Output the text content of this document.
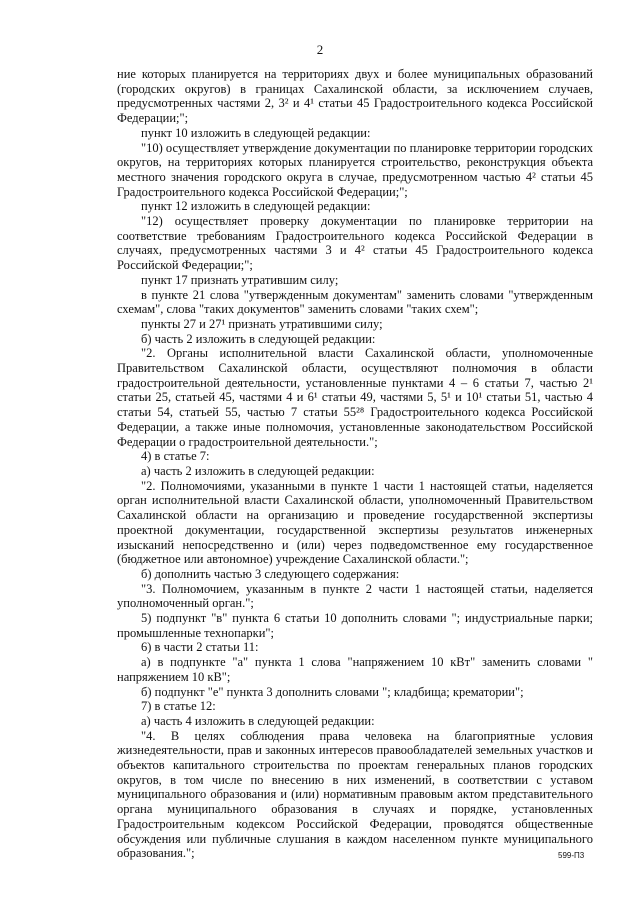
2

ние которых планируется на территориях двух и более муниципальных образований (городских округов) в границах Сахалинской области, за исключением случаев, предусмотренных частями 2, 3² и 4¹ статьи 45 Градостроительного кодекса Российской Федерации;";

пункт 10 изложить в следующей редакции:

"10) осуществляет утверждение документации по планировке территории городских округов, на территориях которых планируется строительство, реконструкция объекта местного значения городского округа в случае, предусмотренном частью 4² статьи 45 Градостроительного кодекса Российской Федерации;";

пункт 12 изложить в следующей редакции:

"12) осуществляет проверку документации по планировке территории на соответствие требованиям Градостроительного кодекса Российской Федерации в случаях, предусмотренных частями 3 и 4² статьи 45 Градостроительного кодекса Российской Федерации;";

пункт 17 признать утратившим силу;

в пункте 21 слова "утвержденным документам" заменить словами "утвержденным схемам", слова "таких документов" заменить словами "таких схем";

пункты 27 и 27¹ признать утратившими силу;

б) часть 2 изложить в следующей редакции:

"2. Органы исполнительной власти Сахалинской области, уполномоченные Правительством Сахалинской области, осуществляют полномочия в области градостроительной деятельности, установленные пунктами 4 – 6 статьи 7, частью 2¹ статьи 25, статьей 45, частями 4 и 6¹ статьи 49, частями 5, 5¹ и 10¹ статьи 51, частью 4 статьи 54, статьей 55, частью 7 статьи 55²⁸ Градостроительного кодекса Российской Федерации, а также иные полномочия, установленные законодательством Российской Федерации о градостроительной деятельности.";

4) в статье 7:

а) часть 2 изложить в следующей редакции:

"2. Полномочиями, указанными в пункте 1 части 1 настоящей статьи, наделяется орган исполнительной власти Сахалинской области, уполномоченный Правительством Сахалинской области на организацию и проведение государственной экспертизы проектной документации, государственной экспертизы результатов инженерных изысканий непосредственно и (или) через подведомственное ему государственное (бюджетное или автономное) учреждение Сахалинской области.";

б) дополнить частью 3 следующего содержания:

"3. Полномочием, указанным в пункте 2 части 1 настоящей статьи, наделяется уполномоченный орган.";

5) подпункт "в" пункта 6 статьи 10 дополнить словами "; индустриальные парки; промышленные технопарки";

6) в части 2 статьи 11:

а) в подпункте "а" пункта 1 слова "напряжением 10 кВт" заменить словами " напряжением 10 кВ";

б) подпункт "е" пункта 3 дополнить словами "; кладбища; крематории";

7) в статье 12:

а) часть 4 изложить в следующей редакции:

"4. В целях соблюдения права человека на благоприятные условия жизнедеятельности, прав и законных интересов правообладателей земельных участков и объектов капитального строительства по проектам генеральных планов городских округов, в том числе по внесению в них изменений, в соответствии с уставом муниципального образования и (или) нормативным правовым актом представительного органа муниципального образования в случаях и порядке, установленных Градостроительным кодексом Российской Федерации, проводятся общественные обсуждения или публичные слушания в каждом населенном пункте муниципального образования.";	599-П3
